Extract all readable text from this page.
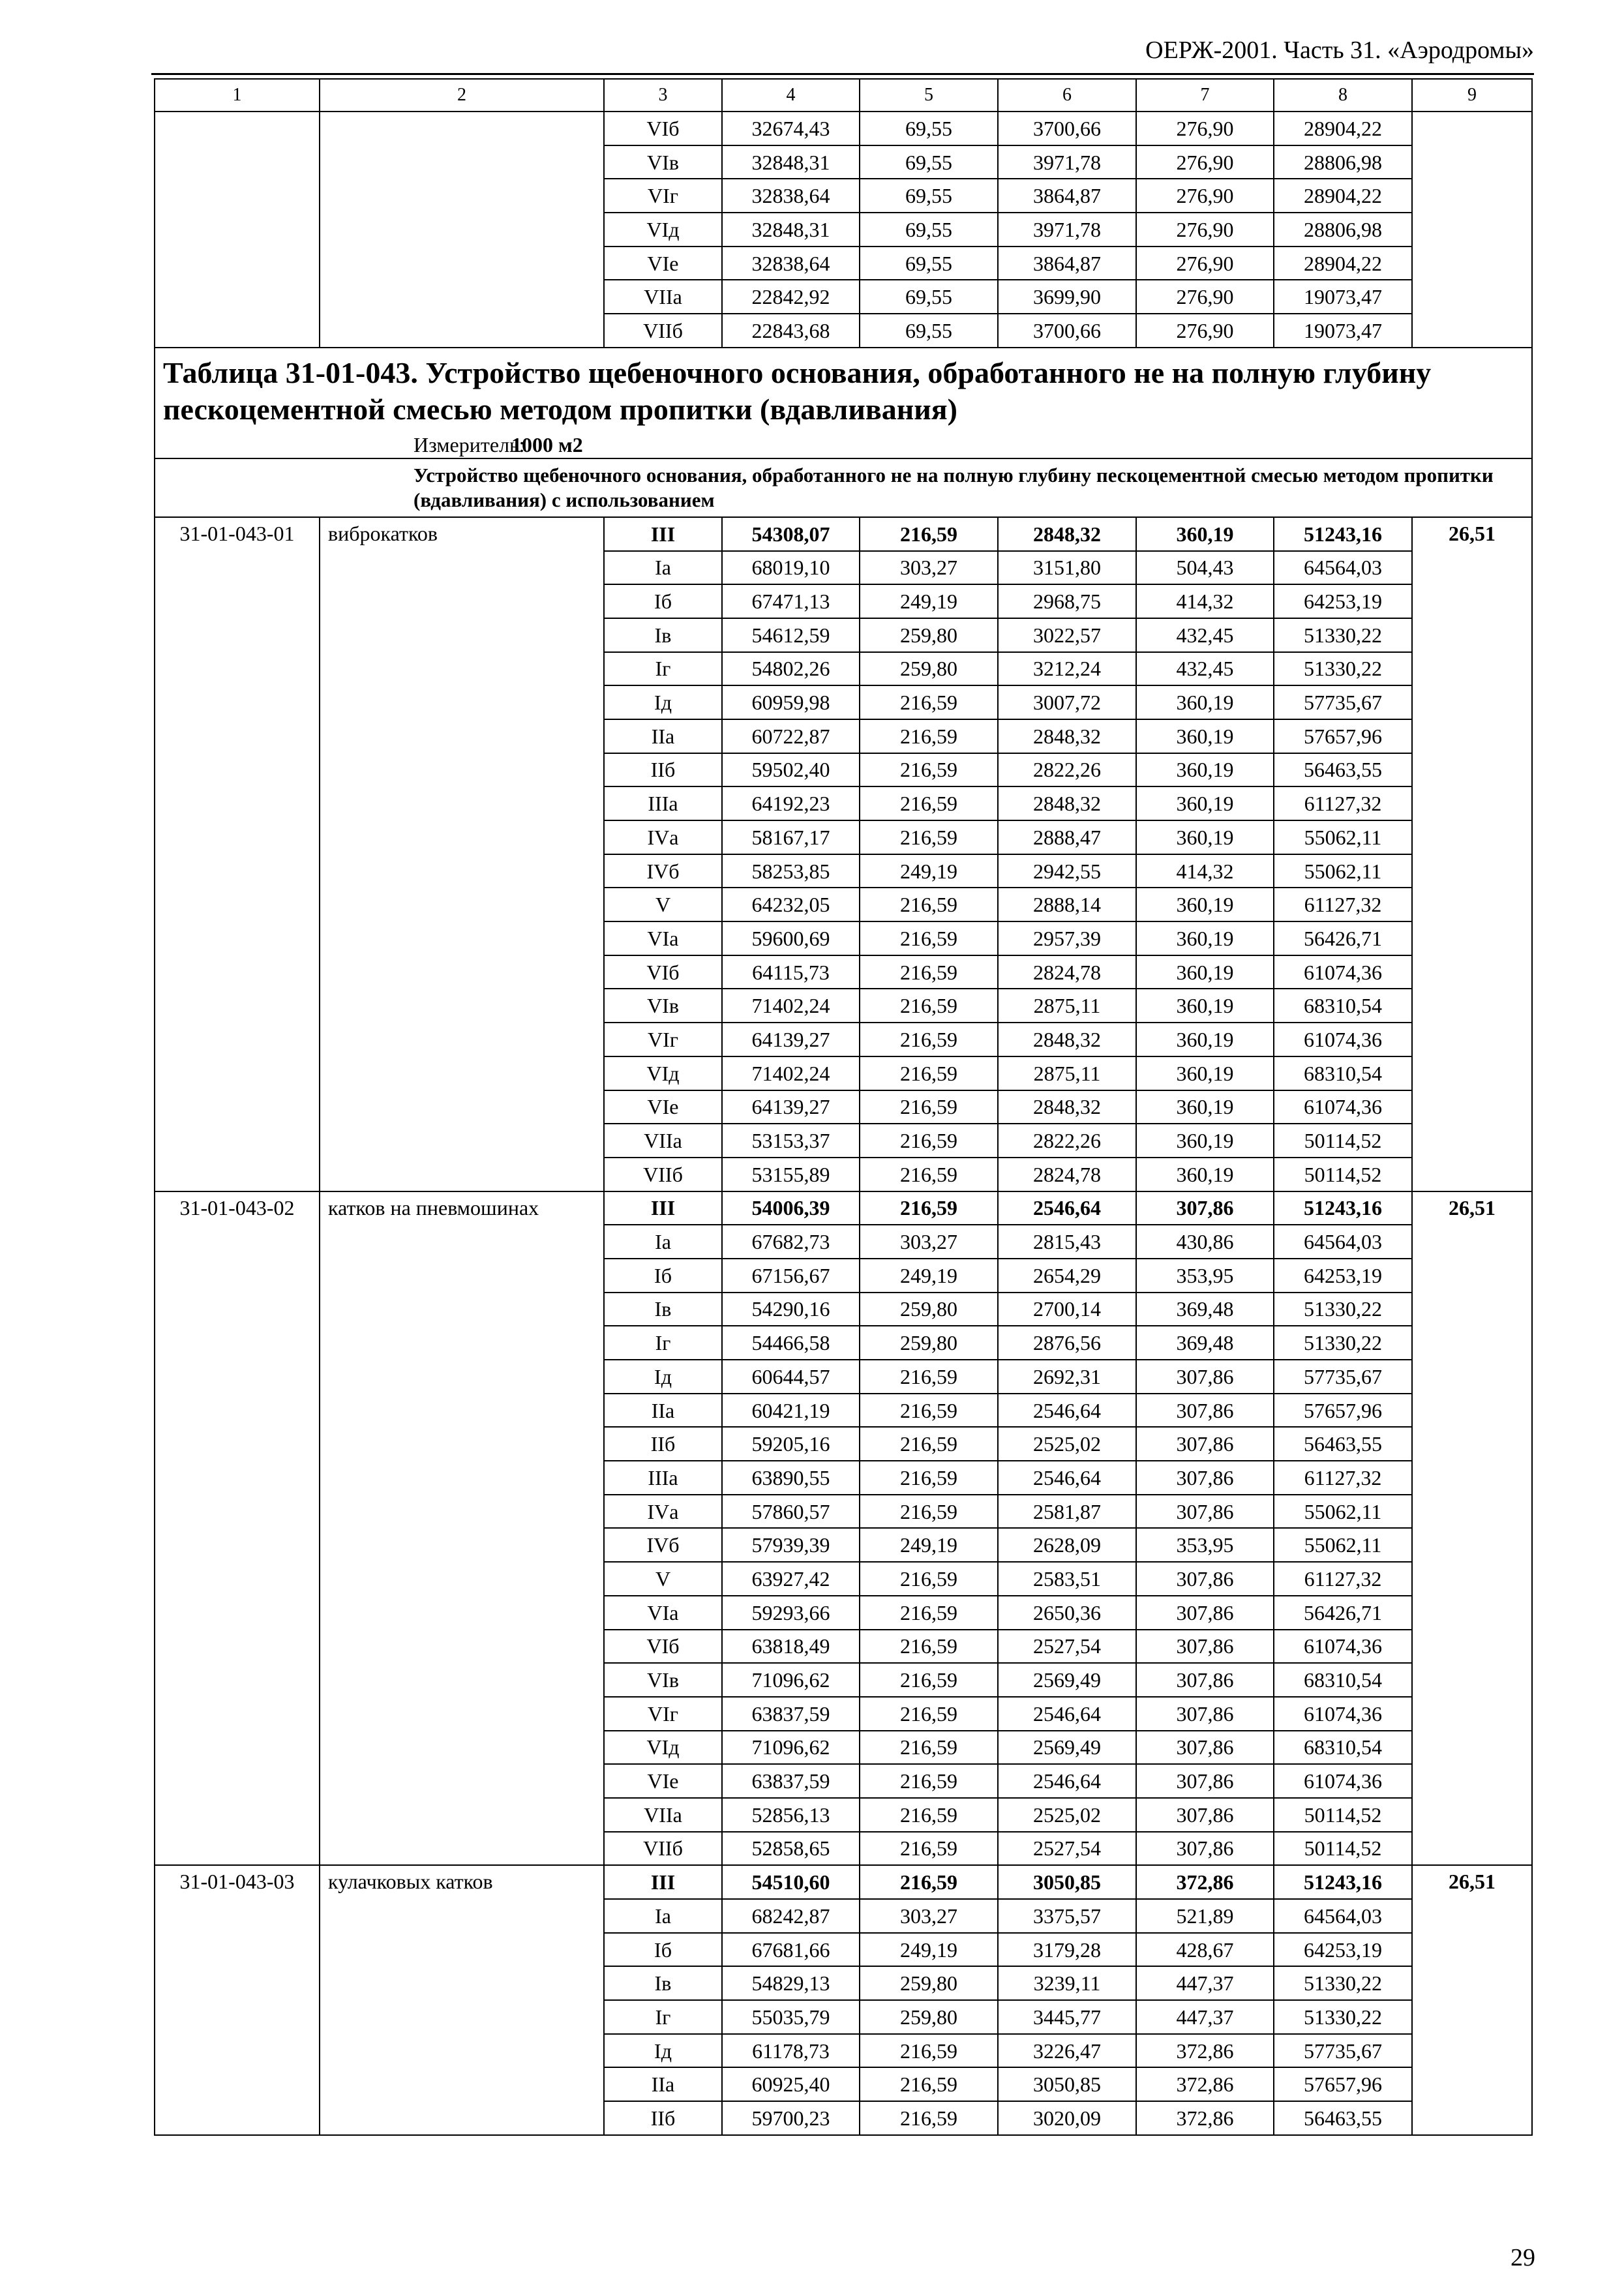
ОЕРЖ-2001. Часть 31. «Аэродромы»
1	2	3	4	5	6	7	8	9
		VIб	32674,43	69,55	3700,66	276,90	28904,22	
		VIв	32848,31	69,55	3971,78	276,90	28806,98	
		VIг	32838,64	69,55	3864,87	276,90	28904,22	
		VIд	32848,31	69,55	3971,78	276,90	28806,98	
		VIе	32838,64	69,55	3864,87	276,90	28904,22	
		VIIа	22842,92	69,55	3699,90	276,90	19073,47	
		VIIб	22843,68	69,55	3700,66	276,90	19073,47	

Таблица 31-01-043. Устройство щебеночного основания, обработанного не на полную глубину пескоцементной смесью методом пропитки (вдавливания)
Измеритель:1000 м2								

Устройство щебеночного основания, обработанного не на полную глубину пескоцементной смесью методом пропитки (вдавливания) с использованием								

31-01-043-01	виброкатков	III	54308,07	216,59	2848,32	360,19	51243,16	26,51
		Iа	68019,10	303,27	3151,80	504,43	64564,03	
		Iб	67471,13	249,19	2968,75	414,32	64253,19	
		Iв	54612,59	259,80	3022,57	432,45	51330,22	
		Iг	54802,26	259,80	3212,24	432,45	51330,22	
		Iд	60959,98	216,59	3007,72	360,19	57735,67	
		IIа	60722,87	216,59	2848,32	360,19	57657,96	
		IIб	59502,40	216,59	2822,26	360,19	56463,55	
		IIIа	64192,23	216,59	2848,32	360,19	61127,32	
		IVа	58167,17	216,59	2888,47	360,19	55062,11	
		IVб	58253,85	249,19	2942,55	414,32	55062,11	
		V	64232,05	216,59	2888,14	360,19	61127,32	
		VIа	59600,69	216,59	2957,39	360,19	56426,71	
		VIб	64115,73	216,59	2824,78	360,19	61074,36	
		VIв	71402,24	216,59	2875,11	360,19	68310,54	
		VIг	64139,27	216,59	2848,32	360,19	61074,36	
		VIд	71402,24	216,59	2875,11	360,19	68310,54	
		VIе	64139,27	216,59	2848,32	360,19	61074,36	
		VIIа	53153,37	216,59	2822,26	360,19	50114,52	
		VIIб	53155,89	216,59	2824,78	360,19	50114,52	
31-01-043-02	катков на пневмошинах	III	54006,39	216,59	2546,64	307,86	51243,16	26,51
		Iа	67682,73	303,27	2815,43	430,86	64564,03	
		Iб	67156,67	249,19	2654,29	353,95	64253,19	
		Iв	54290,16	259,80	2700,14	369,48	51330,22	
		Iг	54466,58	259,80	2876,56	369,48	51330,22	
		Iд	60644,57	216,59	2692,31	307,86	57735,67	
		IIа	60421,19	216,59	2546,64	307,86	57657,96	
		IIб	59205,16	216,59	2525,02	307,86	56463,55	
		IIIа	63890,55	216,59	2546,64	307,86	61127,32	
		IVа	57860,57	216,59	2581,87	307,86	55062,11	
		IVб	57939,39	249,19	2628,09	353,95	55062,11	
		V	63927,42	216,59	2583,51	307,86	61127,32	
		VIа	59293,66	216,59	2650,36	307,86	56426,71	
		VIб	63818,49	216,59	2527,54	307,86	61074,36	
		VIв	71096,62	216,59	2569,49	307,86	68310,54	
		VIг	63837,59	216,59	2546,64	307,86	61074,36	
		VIд	71096,62	216,59	2569,49	307,86	68310,54	
		VIе	63837,59	216,59	2546,64	307,86	61074,36	
		VIIа	52856,13	216,59	2525,02	307,86	50114,52	
		VIIб	52858,65	216,59	2527,54	307,86	50114,52	
31-01-043-03	кулачковых катков	III	54510,60	216,59	3050,85	372,86	51243,16	26,51
		Iа	68242,87	303,27	3375,57	521,89	64564,03	
		Iб	67681,66	249,19	3179,28	428,67	64253,19	
		Iв	54829,13	259,80	3239,11	447,37	51330,22	
		Iг	55035,79	259,80	3445,77	447,37	51330,22	
		Iд	61178,73	216,59	3226,47	372,86	57735,67	
		IIа	60925,40	216,59	3050,85	372,86	57657,96	
		IIб	59700,23	216,59	3020,09	372,86	56463,55	
29
